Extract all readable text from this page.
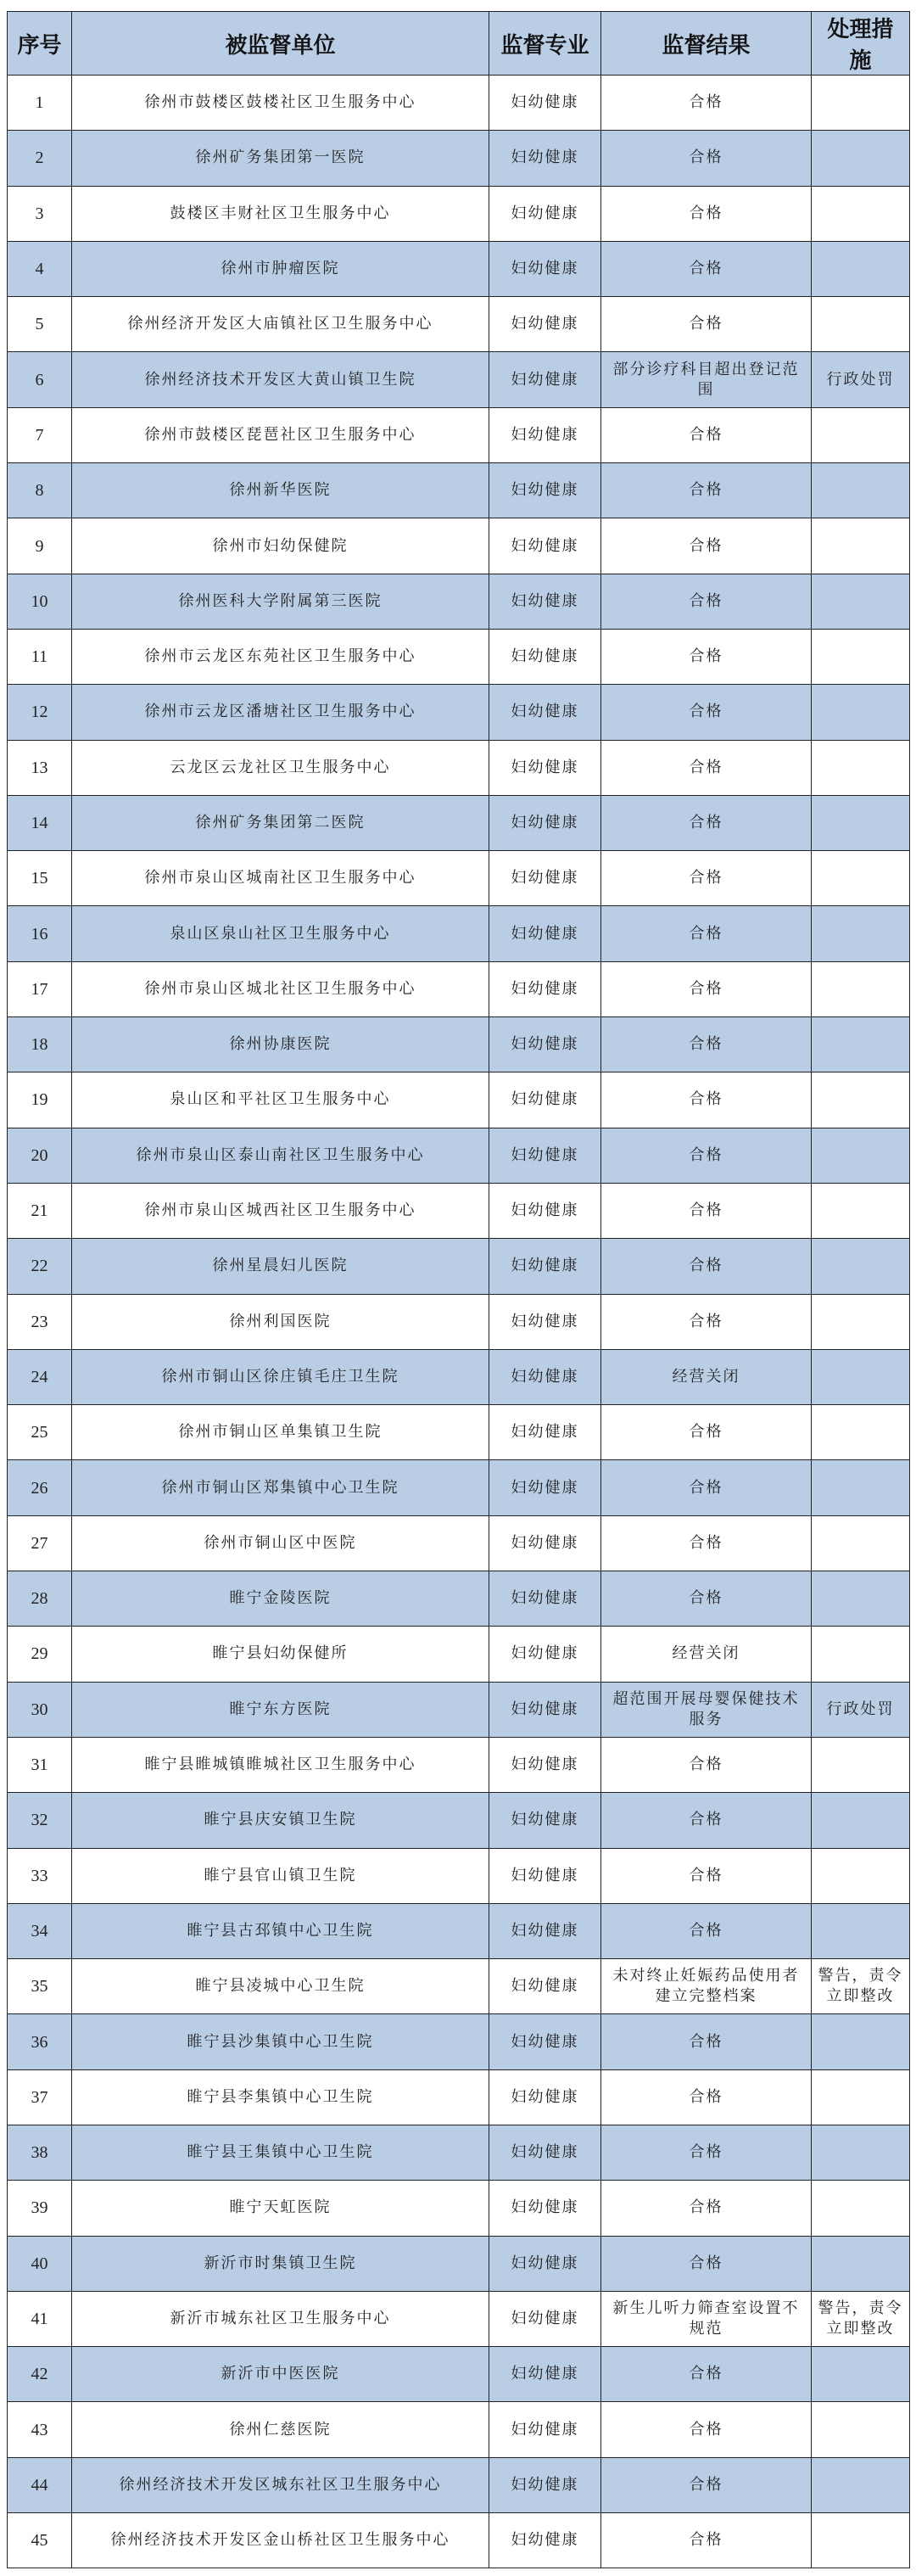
序号	被监督单位	监督专业	监督结果	处理措施
1	徐州市鼓楼区鼓楼社区卫生服务中心	妇幼健康	合格	
2	徐州矿务集团第一医院	妇幼健康	合格	
3	鼓楼区丰财社区卫生服务中心	妇幼健康	合格	
4	徐州市肿瘤医院	妇幼健康	合格	
5	徐州经济开发区大庙镇社区卫生服务中心	妇幼健康	合格	
6	徐州经济技术开发区大黄山镇卫生院	妇幼健康	部分诊疗科目超出登记范围	行政处罚
7	徐州市鼓楼区琵琶社区卫生服务中心	妇幼健康	合格	
8	徐州新华医院	妇幼健康	合格	
9	徐州市妇幼保健院	妇幼健康	合格	
10	徐州医科大学附属第三医院	妇幼健康	合格	
11	徐州市云龙区东苑社区卫生服务中心	妇幼健康	合格	
12	徐州市云龙区潘塘社区卫生服务中心	妇幼健康	合格	
13	云龙区云龙社区卫生服务中心	妇幼健康	合格	
14	徐州矿务集团第二医院	妇幼健康	合格	
15	徐州市泉山区城南社区卫生服务中心	妇幼健康	合格	
16	泉山区泉山社区卫生服务中心	妇幼健康	合格	
17	徐州市泉山区城北社区卫生服务中心	妇幼健康	合格	
18	徐州协康医院	妇幼健康	合格	
19	泉山区和平社区卫生服务中心	妇幼健康	合格	
20	徐州市泉山区泰山南社区卫生服务中心	妇幼健康	合格	
21	徐州市泉山区城西社区卫生服务中心	妇幼健康	合格	
22	徐州星晨妇儿医院	妇幼健康	合格	
23	徐州利国医院	妇幼健康	合格	
24	徐州市铜山区徐庄镇毛庄卫生院	妇幼健康	经营关闭	
25	徐州市铜山区单集镇卫生院	妇幼健康	合格	
26	徐州市铜山区郑集镇中心卫生院	妇幼健康	合格	
27	徐州市铜山区中医院	妇幼健康	合格	
28	睢宁金陵医院	妇幼健康	合格	
29	睢宁县妇幼保健所	妇幼健康	经营关闭	
30	睢宁东方医院	妇幼健康	超范围开展母婴保健技术服务	行政处罚
31	睢宁县睢城镇睢城社区卫生服务中心	妇幼健康	合格	
32	睢宁县庆安镇卫生院	妇幼健康	合格	
33	睢宁县官山镇卫生院	妇幼健康	合格	
34	睢宁县古邳镇中心卫生院	妇幼健康	合格	
35	睢宁县凌城中心卫生院	妇幼健康	未对终止妊娠药品使用者建立完整档案	警告，责令立即整改
36	睢宁县沙集镇中心卫生院	妇幼健康	合格	
37	睢宁县李集镇中心卫生院	妇幼健康	合格	
38	睢宁县王集镇中心卫生院	妇幼健康	合格	
39	睢宁天虹医院	妇幼健康	合格	
40	新沂市时集镇卫生院	妇幼健康	合格	
41	新沂市城东社区卫生服务中心	妇幼健康	新生儿听力筛查室设置不规范	警告，责令立即整改
42	新沂市中医医院	妇幼健康	合格	
43	徐州仁慈医院	妇幼健康	合格	
44	徐州经济技术开发区城东社区卫生服务中心	妇幼健康	合格	
45	徐州经济技术开发区金山桥社区卫生服务中心	妇幼健康	合格	
